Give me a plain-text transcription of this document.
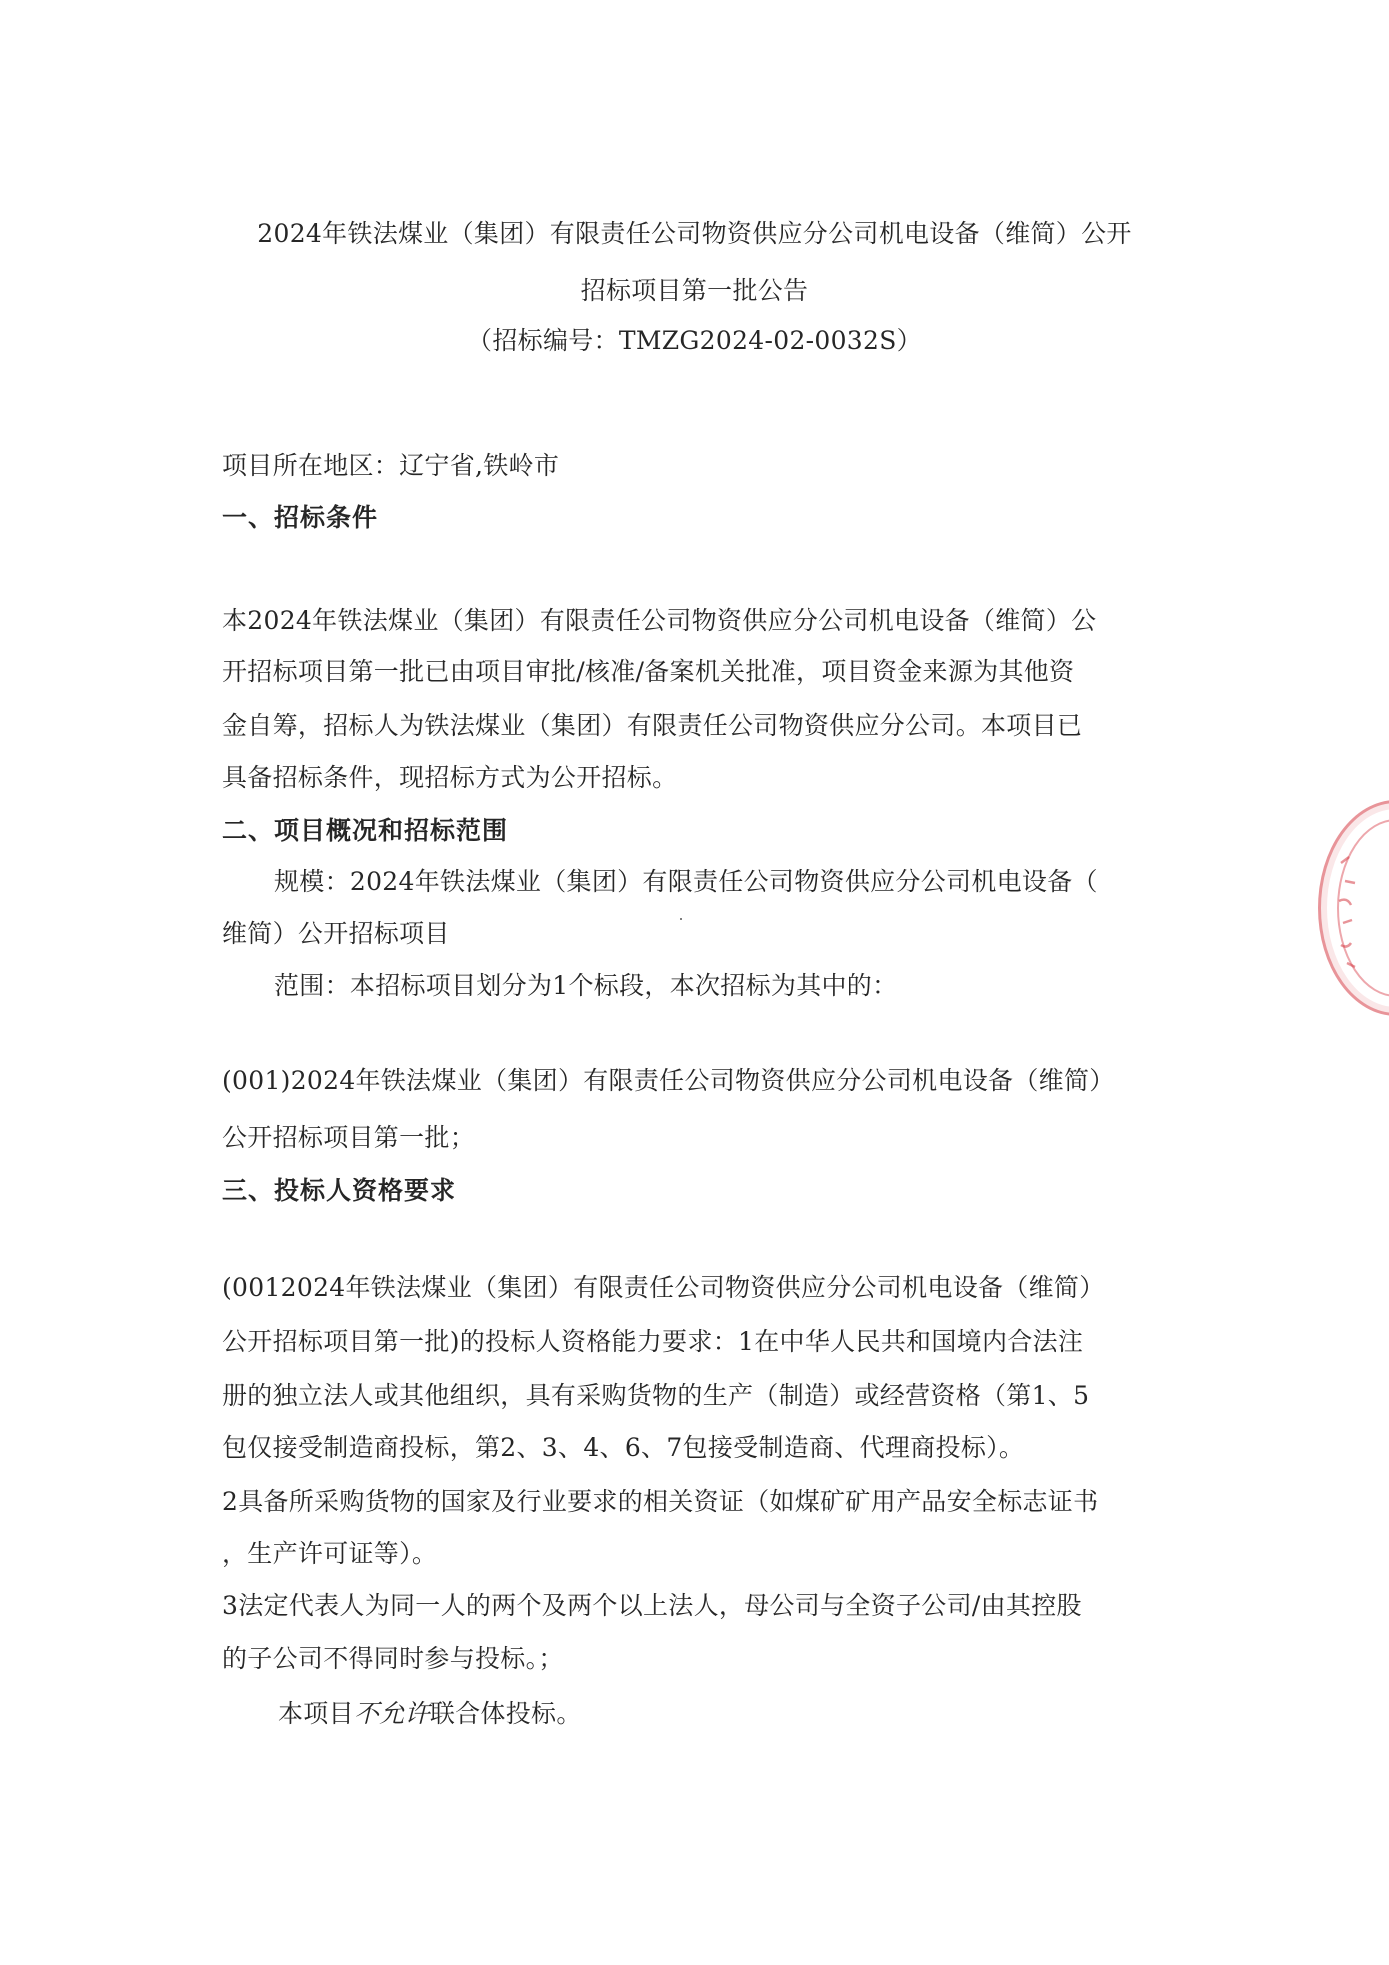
2024年铁法煤业（集团）有限责任公司物资供应分公司机电设备（维简）公开
招标项目第一批公告
（招标编号：TMZG2024-02-0032S）
项目所在地区：辽宁省,铁岭市
一、招标条件
本2024年铁法煤业（集团）有限责任公司物资供应分公司机电设备（维简）公
开招标项目第一批已由项目审批/核准/备案机关批准，项目资金来源为其他资
金自筹，招标人为铁法煤业（集团）有限责任公司物资供应分公司。本项目已
具备招标条件，现招标方式为公开招标。
二、项目概况和招标范围
规模：2024年铁法煤业（集团）有限责任公司物资供应分公司机电设备（
维简）公开招标项目
范围：本招标项目划分为1个标段，本次招标为其中的：
(001)2024年铁法煤业（集团）有限责任公司物资供应分公司机电设备（维简）
公开招标项目第一批；
三、投标人资格要求
(0012024年铁法煤业（集团）有限责任公司物资供应分公司机电设备（维简）
公开招标项目第一批)的投标人资格能力要求：1在中华人民共和国境内合法注
册的独立法人或其他组织，具有采购货物的生产（制造）或经营资格（第1、5
包仅接受制造商投标，第2、3、4、6、7包接受制造商、代理商投标）。
2具备所采购货物的国家及行业要求的相关资证（如煤矿矿用产品安全标志证书
，生产许可证等）。
3法定代表人为同一人的两个及两个以上法人，母公司与全资子公司/由其控股
的子公司不得同时参与投标。；
本项目不允许联合体投标。
